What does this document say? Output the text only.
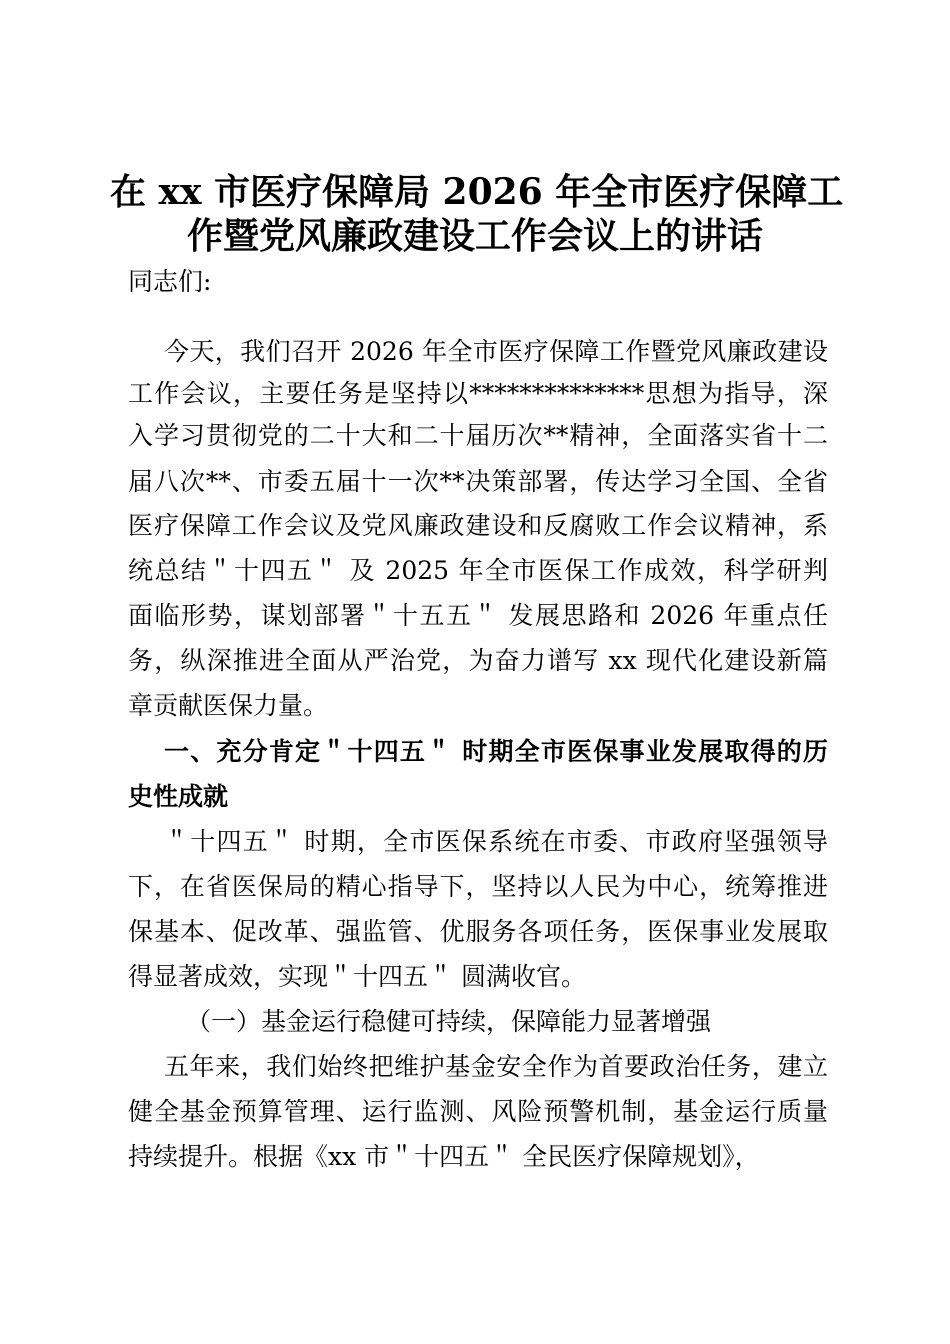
在 xx 市医疗保障局 2026 年全市医疗保障工
作暨党风廉政建设工作会议上的讲话
同志们:
今天，我们召开 2026 年全市医疗保障工作暨党风廉政建设
工作会议，主要任务是坚持以**************思想为指导，深
入学习贯彻党的二十大和二十届历次**精神，全面落实省十二
届八次**、市委五届十一次**决策部署，传达学习全国、全省
医疗保障工作会议及党风廉政建设和反腐败工作会议精神，系
统总结＂十四五＂ 及 2025 年全市医保工作成效，科学研判
面临形势，谋划部署＂十五五＂ 发展思路和 2026 年重点任
务，纵深推进全面从严治党，为奋力谱写 xx 现代化建设新篇
章贡献医保力量。
一、充分肯定＂十四五＂ 时期全市医保事业发展取得的历
史性成就
＂十四五＂ 时期，全市医保系统在市委、市政府坚强领导
下，在省医保局的精心指导下，坚持以人民为中心，统筹推进
保基本、促改革、强监管、优服务各项任务，医保事业发展取
得显著成效，实现＂十四五＂ 圆满收官。
（一）基金运行稳健可持续，保障能力显著增强
五年来，我们始终把维护基金安全作为首要政治任务，建立
健全基金预算管理、运行监测、风险预警机制，基金运行质量
持续提升。根据《xx 市＂十四五＂ 全民医疗保障规划》，
